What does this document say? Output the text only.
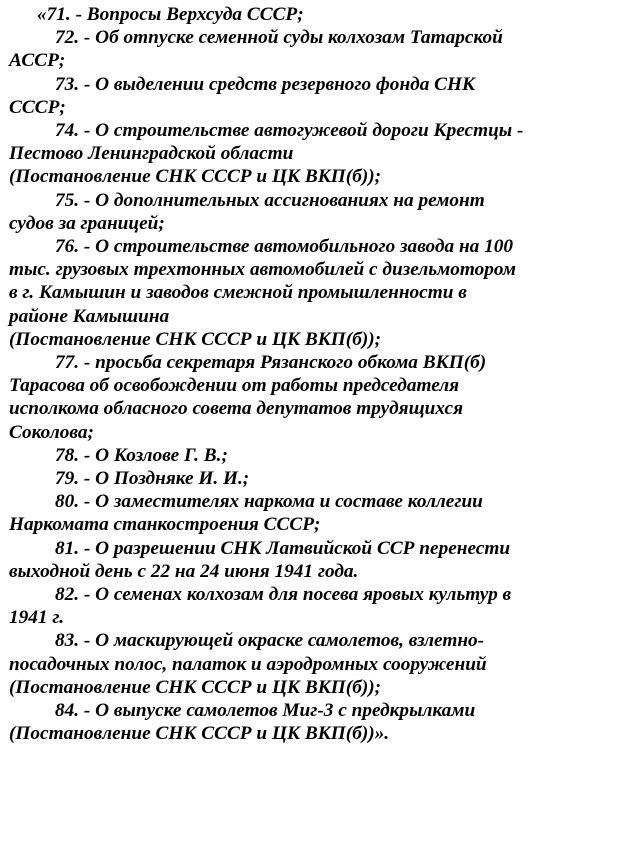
«71. - Вопросы Верхсуда СССР;
72. - Об отпуске семенной суды колхозам Татарской
АССР;
73. - О выделении средств резервного фонда СНК
СССР;
74. - О строительстве автогужевой дороги Крестцы -
Пестово Ленинградской области
(Постановление СНК СССР и ЦК ВКП(б));
75. - О дополнительных ассигнованиях на ремонт
судов за границей;
76. - О строительстве автомобильного завода на 100
тыс. грузовых трехтонных автомобилей с дизельмотором
в г. Камышин и заводов смежной промышленности в
районе Камышина
(Постановление СНК СССР и ЦК ВКП(б));
77. - просьба секретаря Рязанского обкома ВКП(б)
Тарасова об освобождении от работы председателя
исполкома обласного совета депутатов трудящихся
Соколова;
78. - О Козлове Г. В.;
79. - О Поздняке И. И.;
80. - О заместителях наркома и составе коллегии
Наркомата станкостроения СССР;
81. - О разрешении СНК Латвийской ССР перенести
выходной день с 22 на 24 июня 1941 года.
82. - О семенах колхозам для посева яровых культур в
1941 г.
83. - О маскирующей окраске самолетов, взлетно-
посадочных полос, палаток и аэродромных сооружений
(Постановление СНК СССР и ЦК ВКП(б));
84. - О выпуске самолетов Миг-3 с предкрылками
(Постановление СНК СССР и ЦК ВКП(б))».
